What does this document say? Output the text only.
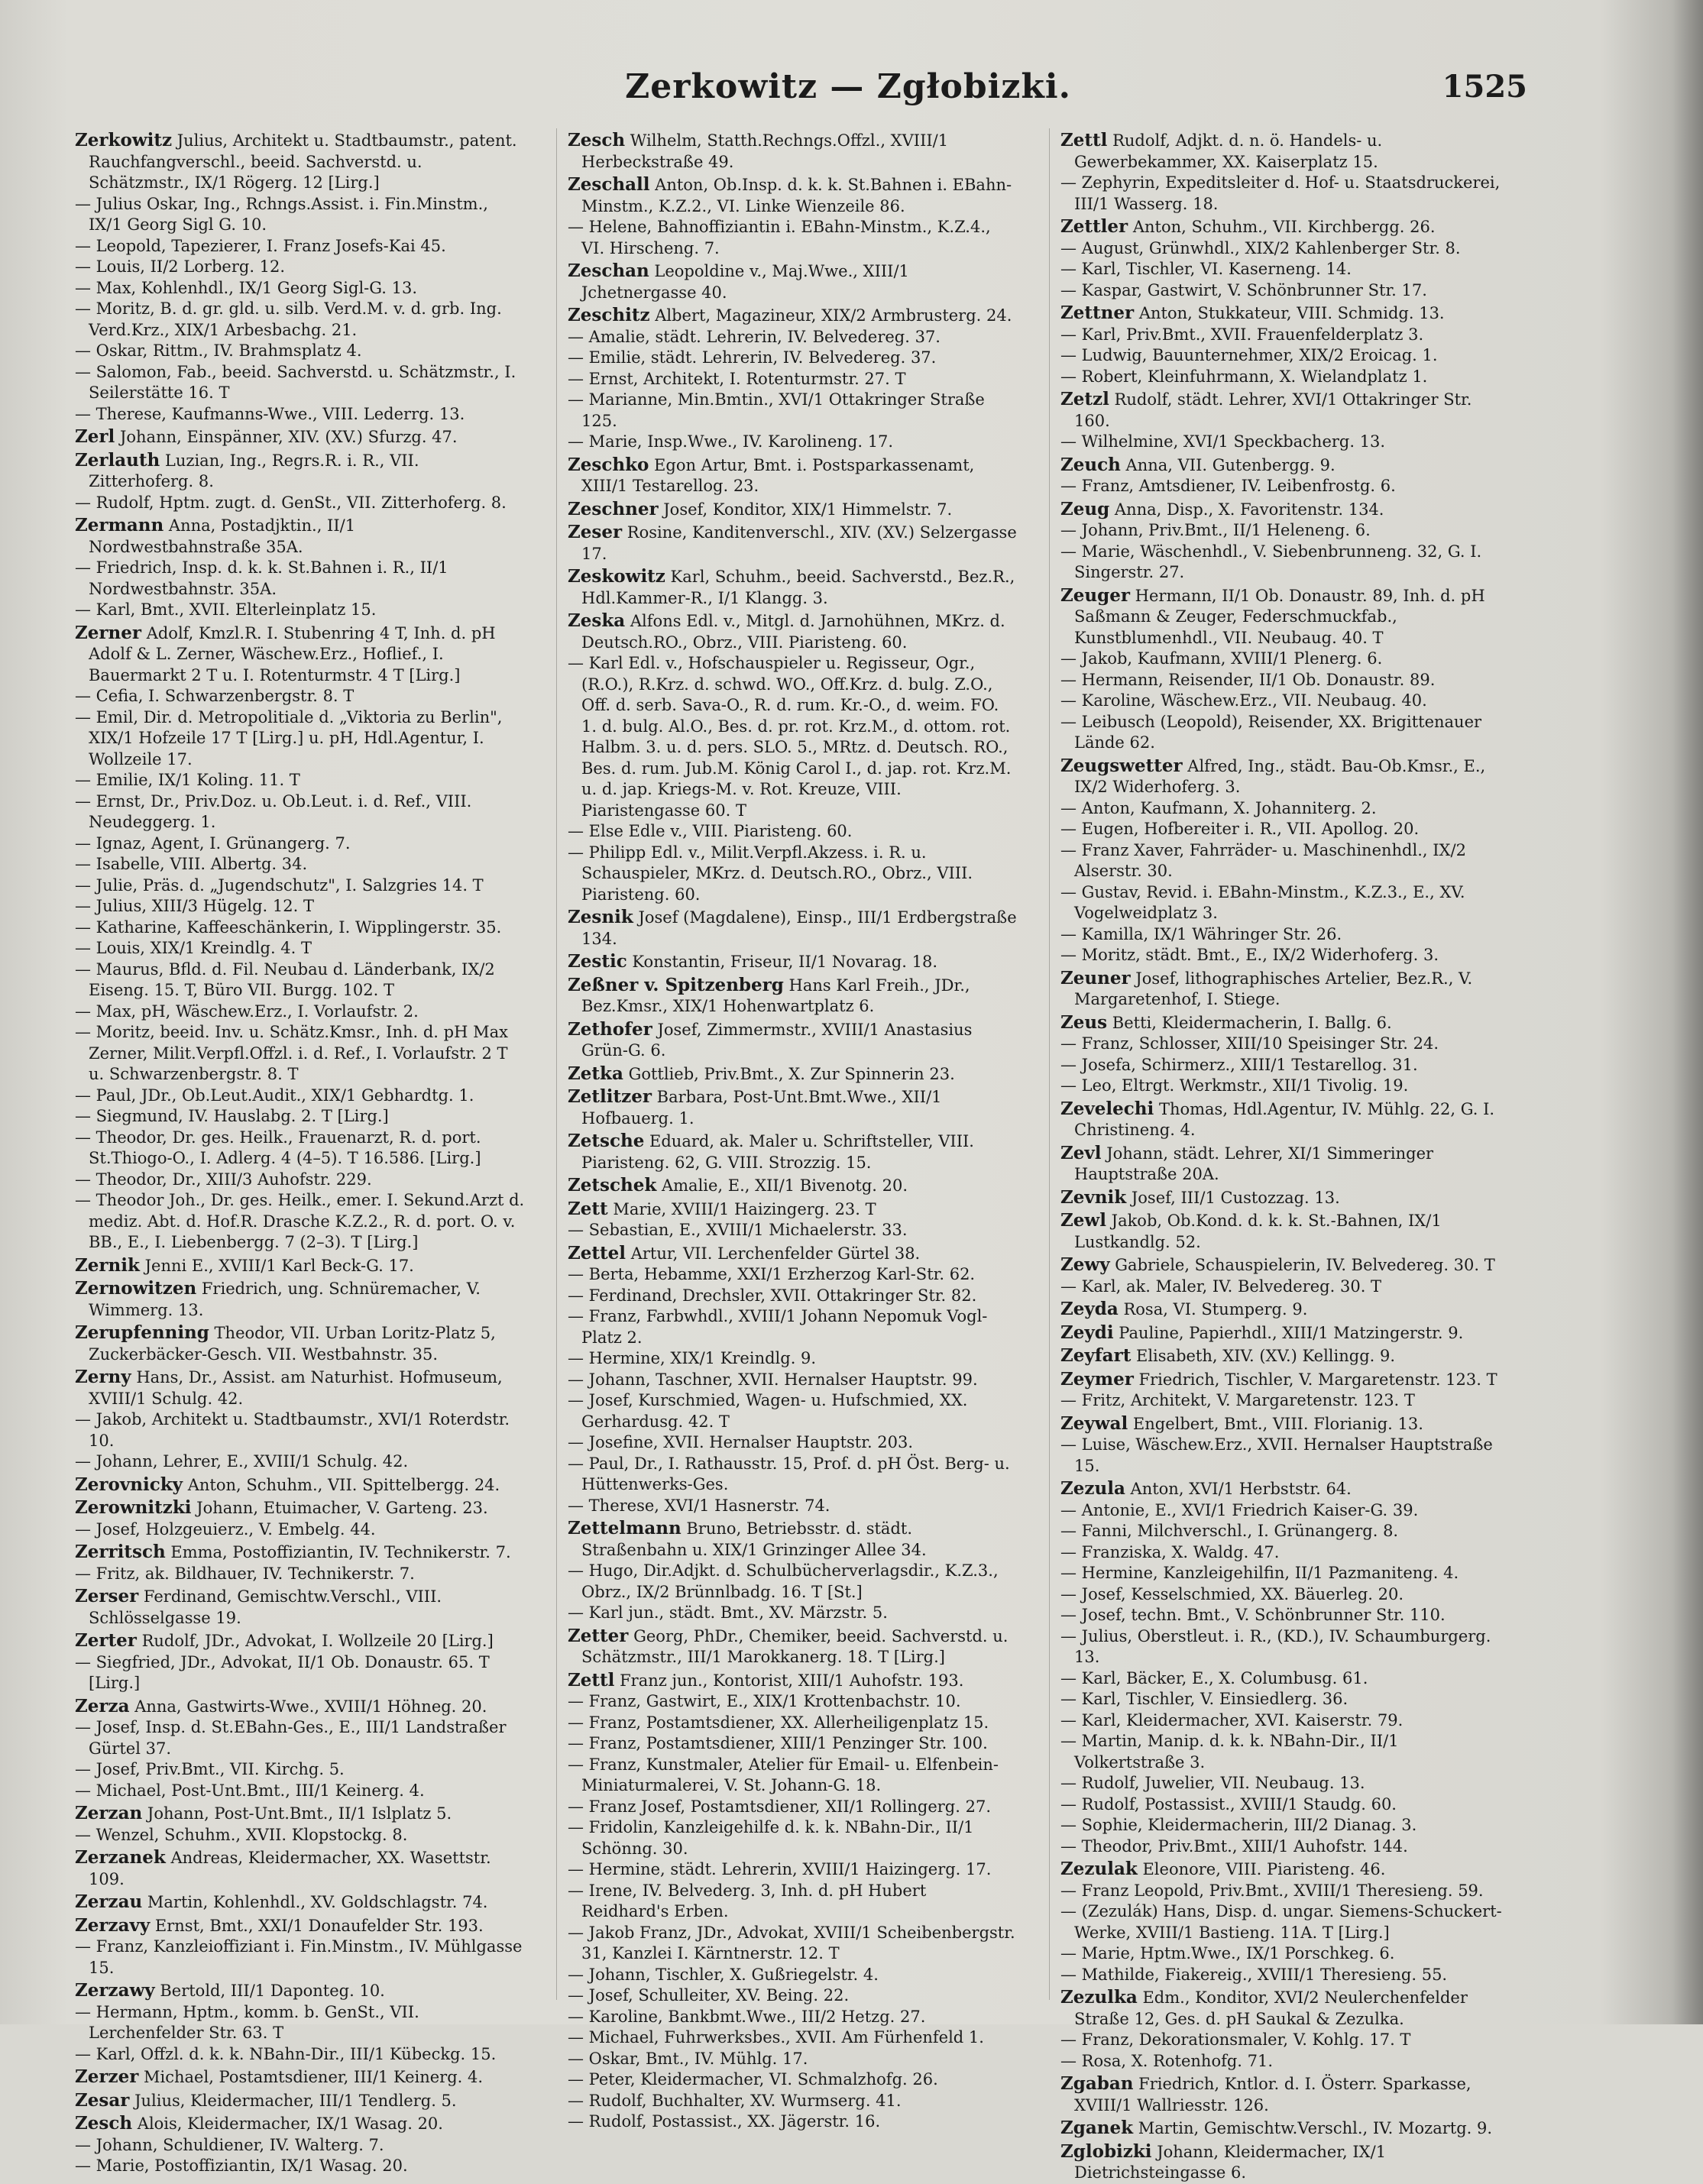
Zerkowitz — Zgłobizki.	1525

Zerkowitz Julius, Architekt u. Stadtbaumstr., patent. Rauchfangverschl., beeid. Sachverstd. u. Schätzmstr., IX/1 Rögerg. 12 [Lirg.]

— Julius Oskar, Ing., Rchngs.Assist. i. Fin.Minstm., IX/1 Georg Sigl G. 10.

— Leopold, Tapezierer, I. Franz Josefs-Kai 45.

— Louis, II/2 Lorberg. 12.

— Max, Kohlenhdl., IX/1 Georg Sigl-G. 13.

— Moritz, B. d. gr. gld. u. silb. Verd.M. v. d. grb. Ing. Verd.Krz., XIX/1 Arbesbachg. 21.

— Oskar, Rittm., IV. Brahmsplatz 4.

— Salomon, Fab., beeid. Sachverstd. u. Schätzmstr., I. Seilerstätte 16. T

— Therese, Kaufmanns-Wwe., VIII. Lederrg. 13.

Zerl Johann, Einspänner, XIV. (XV.) Sfurzg. 47.

Zerlauth Luzian, Ing., Regrs.R. i. R., VII. Zitterhoferg. 8.

— Rudolf, Hptm. zugt. d. GenSt., VII. Zitterhoferg. 8.

Zermann Anna, Postadjktin., II/1 Nordwestbahnstraße 35A.

— Friedrich, Insp. d. k. k. St.Bahnen i. R., II/1 Nordwestbahnstr. 35A.

— Karl, Bmt., XVII. Elterleinplatz 15.

Zerner Adolf, Kmzl.R. I. Stubenring 4 T, Inh. d. pH Adolf & L. Zerner, Wäschew.Erz., Hoflief., I. Bauermarkt 2 T u. I. Rotenturmstr. 4 T [Lirg.]

— Cefia, I. Schwarzenbergstr. 8. T

— Emil, Dir. d. Metropolitiale d. „Viktoria zu Berlin", XIX/1 Hofzeile 17 T [Lirg.] u. pH, Hdl.Agentur, I. Wollzeile 17.

— Emilie, IX/1 Koling. 11. T

— Ernst, Dr., Priv.Doz. u. Ob.Leut. i. d. Ref., VIII. Neudeggerg. 1.

— Ignaz, Agent, I. Grünangerg. 7.

— Isabelle, VIII. Albertg. 34.

— Julie, Präs. d. „Jugendschutz", I. Salzgries 14. T

— Julius, XIII/3 Hügelg. 12. T

— Katharine, Kaffeeschänkerin, I. Wipplingerstr. 35.

— Louis, XIX/1 Kreindlg. 4. T

— Maurus, Bfld. d. Fil. Neubau d. Länderbank, IX/2 Eiseng. 15. T, Büro VII. Burgg. 102. T

— Max, pH, Wäschew.Erz., I. Vorlaufstr. 2.

— Moritz, beeid. Inv. u. Schätz.Kmsr., Inh. d. pH Max Zerner, Milit.Verpfl.Offzl. i. d. Ref., I. Vorlaufstr. 2 T u. Schwarzenbergstr. 8. T

— Paul, JDr., Ob.Leut.Audit., XIX/1 Gebhardtg. 1.

— Siegmund, IV. Hauslabg. 2. T [Lirg.]

— Theodor, Dr. ges. Heilk., Frauenarzt, R. d. port. St.Thiogo-O., I. Adlerg. 4 (4–5). T 16.586. [Lirg.]

— Theodor, Dr., XIII/3 Auhofstr. 229.

— Theodor Joh., Dr. ges. Heilk., emer. I. Sekund.Arzt d. mediz. Abt. d. Hof.R. Drasche K.Z.2., R. d. port. O. v. BB., E., I. Liebenbergg. 7 (2–3). T [Lirg.]

Zernik Jenni E., XVIII/1 Karl Beck-G. 17.

Zernowitzen Friedrich, ung. Schnüremacher, V. Wimmerg. 13.

Zerupfenning Theodor, VII. Urban Loritz-Platz 5, Zuckerbäcker-Gesch. VII. Westbahnstr. 35.

Zerny Hans, Dr., Assist. am Naturhist. Hofmuseum, XVIII/1 Schulg. 42.

— Jakob, Architekt u. Stadtbaumstr., XVI/1 Roterdstr. 10.

— Johann, Lehrer, E., XVIII/1 Schulg. 42.

Zerovnicky Anton, Schuhm., VII. Spittelbergg. 24.

Zerownitzki Johann, Etuimacher, V. Garteng. 23.

— Josef, Holzgeuierz., V. Embelg. 44.

Zerritsch Emma, Postoffiziantin, IV. Technikerstr. 7.

— Fritz, ak. Bildhauer, IV. Technikerstr. 7.

Zerser Ferdinand, Gemischtw.Verschl., VIII. Schlösselgasse 19.

Zerter Rudolf, JDr., Advokat, I. Wollzeile 20 [Lirg.]

— Siegfried, JDr., Advokat, II/1 Ob. Donaustr. 65. T [Lirg.]

Zerza Anna, Gastwirts-Wwe., XVIII/1 Höhneg. 20.

— Josef, Insp. d. St.EBahn-Ges., E., III/1 Landstraßer Gürtel 37.

— Josef, Priv.Bmt., VII. Kirchg. 5.

— Michael, Post-Unt.Bmt., III/1 Keinerg. 4.

Zerzan Johann, Post-Unt.Bmt., II/1 Islplatz 5.

— Wenzel, Schuhm., XVII. Klopstockg. 8.

Zerzanek Andreas, Kleidermacher, XX. Wasettstr. 109.

Zerzau Martin, Kohlenhdl., XV. Goldschlagstr. 74.

Zerzavy Ernst, Bmt., XXI/1 Donaufelder Str. 193.

— Franz, Kanzleioffiziant i. Fin.Minstm., IV. Mühlgasse 15.

Zerzawy Bertold, III/1 Daponteg. 10.

— Hermann, Hptm., komm. b. GenSt., VII. Lerchenfelder Str. 63. T

— Karl, Offzl. d. k. k. NBahn-Dir., III/1 Kübeckg. 15.

Zerzer Michael, Postamtsdiener, III/1 Keinerg. 4.

Zesar Julius, Kleidermacher, III/1 Tendlerg. 5.

Zesch Alois, Kleidermacher, IX/1 Wasag. 20.

— Johann, Schuldiener, IV. Walterg. 7.

— Marie, Postoffiziantin, IX/1 Wasag. 20.

Zesch Wilhelm, Statth.Rechngs.Offzl., XVIII/1 Herbeckstraße 49.

Zeschall Anton, Ob.Insp. d. k. k. St.Bahnen i. EBahn-Minstm., K.Z.2., VI. Linke Wienzeile 86.

— Helene, Bahnoffiziantin i. EBahn-Minstm., K.Z.4., VI. Hirscheng. 7.

Zeschan Leopoldine v., Maj.Wwe., XIII/1 Jchetnergasse 40.

Zeschitz Albert, Magazineur, XIX/2 Armbrusterg. 24.

— Amalie, städt. Lehrerin, IV. Belvedereg. 37.

— Emilie, städt. Lehrerin, IV. Belvedereg. 37.

— Ernst, Architekt, I. Rotenturmstr. 27. T

— Marianne, Min.Bmtin., XVI/1 Ottakringer Straße 125.

— Marie, Insp.Wwe., IV. Karolineng. 17.

Zeschko Egon Artur, Bmt. i. Postsparkassenamt, XIII/1 Testarellog. 23.

Zeschner Josef, Konditor, XIX/1 Himmelstr. 7.

Zeser Rosine, Kanditenverschl., XIV. (XV.) Selzergasse 17.

Zeskowitz Karl, Schuhm., beeid. Sachverstd., Bez.R., Hdl.Kammer-R., I/1 Klangg. 3.

Zeska Alfons Edl. v., Mitgl. d. Jarnohühnen, MKrz. d. Deutsch.RO., Obrz., VIII. Piaristeng. 60.

— Karl Edl. v., Hofschauspieler u. Regisseur, Ogr., (R.O.), R.Krz. d. schwd. WO., Off.Krz. d. bulg. Z.O., Off. d. serb. Sava-O., R. d. rum. Kr.-O., d. weim. FO. 1. d. bulg. Al.O., Bes. d. pr. rot. Krz.M., d. ottom. rot. Halbm. 3. u. d. pers. SLO. 5., MRtz. d. Deutsch. RO., Bes. d. rum. Jub.M. König Carol I., d. jap. rot. Krz.M. u. d. jap. Kriegs-M. v. Rot. Kreuze, VIII. Piaristengasse 60. T

— Else Edle v., VIII. Piaristeng. 60.

— Philipp Edl. v., Milit.Verpfl.Akzess. i. R. u. Schauspieler, MKrz. d. Deutsch.RO., Obrz., VIII. Piaristeng. 60.

Zesnik Josef (Magdalene), Einsp., III/1 Erdbergstraße 134.

Zestic Konstantin, Friseur, II/1 Novarag. 18.

Zeßner v. Spitzenberg Hans Karl Freih., JDr., Bez.Kmsr., XIX/1 Hohenwartplatz 6.

Zethofer Josef, Zimmermstr., XVIII/1 Anastasius Grün-G. 6.

Zetka Gottlieb, Priv.Bmt., X. Zur Spinnerin 23.

Zetlitzer Barbara, Post-Unt.Bmt.Wwe., XII/1 Hofbauerg. 1.

Zetsche Eduard, ak. Maler u. Schriftsteller, VIII. Piaristeng. 62, G. VIII. Strozzig. 15.

Zetschek Amalie, E., XII/1 Bivenotg. 20.

Zett Marie, XVIII/1 Haizingerg. 23. T

— Sebastian, E., XVIII/1 Michaelerstr. 33.

Zettel Artur, VII. Lerchenfelder Gürtel 38.

— Berta, Hebamme, XXI/1 Erzherzog Karl-Str. 62.

— Ferdinand, Drechsler, XVII. Ottakringer Str. 82.

— Franz, Farbwhdl., XVIII/1 Johann Nepomuk Vogl-Platz 2.

— Hermine, XIX/1 Kreindlg. 9.

— Johann, Taschner, XVII. Hernalser Hauptstr. 99.

— Josef, Kurschmied, Wagen- u. Hufschmied, XX. Gerhardusg. 42. T

— Josefine, XVII. Hernalser Hauptstr. 203.

— Paul, Dr., I. Rathausstr. 15, Prof. d. pH Öst. Berg- u. Hüttenwerks-Ges.

— Therese, XVI/1 Hasnerstr. 74.

Zettelmann Bruno, Betriebsstr. d. städt. Straßenbahn u. XIX/1 Grinzinger Allee 34.

— Hugo, Dir.Adjkt. d. Schulbücherverlagsdir., K.Z.3., Obrz., IX/2 Brünnlbadg. 16. T [St.]

— Karl jun., städt. Bmt., XV. Märzstr. 5.

Zetter Georg, PhDr., Chemiker, beeid. Sachverstd. u. Schätzmstr., III/1 Marokkanerg. 18. T [Lirg.]

Zettl Franz jun., Kontorist, XIII/1 Auhofstr. 193.

— Franz, Gastwirt, E., XIX/1 Krottenbachstr. 10.

— Franz, Postamtsdiener, XX. Allerheiligenplatz 15.

— Franz, Postamtsdiener, XIII/1 Penzinger Str. 100.

— Franz, Kunstmaler, Atelier für Email- u. Elfenbein-Miniaturmalerei, V. St. Johann-G. 18.

— Franz Josef, Postamtsdiener, XII/1 Rollingerg. 27.

— Fridolin, Kanzleigehilfe d. k. k. NBahn-Dir., II/1 Schönng. 30.

— Hermine, städt. Lehrerin, XVIII/1 Haizingerg. 17.

— Irene, IV. Belvederg. 3, Inh. d. pH Hubert Reidhard's Erben.

— Jakob Franz, JDr., Advokat, XVIII/1 Scheibenbergstr. 31, Kanzlei I. Kärntnerstr. 12. T

— Johann, Tischler, X. Gußriegelstr. 4.

— Josef, Schulleiter, XV. Being. 22.

— Karoline, Bankbmt.Wwe., III/2 Hetzg. 27.

— Michael, Fuhrwerksbes., XVII. Am Fürhenfeld 1.

— Oskar, Bmt., IV. Mühlg. 17.

— Peter, Kleidermacher, VI. Schmalzhofg. 26.

— Rudolf, Buchhalter, XV. Wurmserg. 41.

— Rudolf, Postassist., XX. Jägerstr. 16.

Zettl Rudolf, Adjkt. d. n. ö. Handels- u. Gewerbekammer, XX. Kaiserplatz 15.

— Zephyrin, Expeditsleiter d. Hof- u. Staatsdruckerei, III/1 Wasserg. 18.

Zettler Anton, Schuhm., VII. Kirchbergg. 26.

— August, Grünwhdl., XIX/2 Kahlenberger Str. 8.

— Karl, Tischler, VI. Kaserneng. 14.

— Kaspar, Gastwirt, V. Schönbrunner Str. 17.

Zettner Anton, Stukkateur, VIII. Schmidg. 13.

— Karl, Priv.Bmt., XVII. Frauenfelderplatz 3.

— Ludwig, Bauunternehmer, XIX/2 Eroicag. 1.

— Robert, Kleinfuhrmann, X. Wielandplatz 1.

Zetzl Rudolf, städt. Lehrer, XVI/1 Ottakringer Str. 160.

— Wilhelmine, XVI/1 Speckbacherg. 13.

Zeuch Anna, VII. Gutenbergg. 9.

— Franz, Amtsdiener, IV. Leibenfrostg. 6.

Zeug Anna, Disp., X. Favoritenstr. 134.

— Johann, Priv.Bmt., II/1 Heleneng. 6.

— Marie, Wäschenhdl., V. Siebenbrunneng. 32, G. I. Singerstr. 27.

Zeuger Hermann, II/1 Ob. Donaustr. 89, Inh. d. pH Saßmann & Zeuger, Federschmuckfab., Kunstblumenhdl., VII. Neubaug. 40. T

— Jakob, Kaufmann, XVIII/1 Plenerg. 6.

— Hermann, Reisender, II/1 Ob. Donaustr. 89.

— Karoline, Wäschew.Erz., VII. Neubaug. 40.

— Leibusch (Leopold), Reisender, XX. Brigittenauer Lände 62.

Zeugswetter Alfred, Ing., städt. Bau-Ob.Kmsr., E., IX/2 Widerhoferg. 3.

— Anton, Kaufmann, X. Johanniterg. 2.

— Eugen, Hofbereiter i. R., VII. Apollog. 20.

— Franz Xaver, Fahrräder- u. Maschinenhdl., IX/2 Alserstr. 30.

— Gustav, Revid. i. EBahn-Minstm., K.Z.3., E., XV. Vogelweidplatz 3.

— Kamilla, IX/1 Währinger Str. 26.

— Moritz, städt. Bmt., E., IX/2 Widerhoferg. 3.

Zeuner Josef, lithographisches Artelier, Bez.R., V. Margaretenhof, I. Stiege.

Zeus Betti, Kleidermacherin, I. Ballg. 6.

— Franz, Schlosser, XIII/10 Speisinger Str. 24.

— Josefa, Schirmerz., XIII/1 Testarellog. 31.

— Leo, Eltrgt. Werkmstr., XII/1 Tivolig. 19.

Zevelechi Thomas, Hdl.Agentur, IV. Mühlg. 22, G. I. Christineng. 4.

Zevl Johann, städt. Lehrer, XI/1 Simmeringer Hauptstraße 20A.

Zevnik Josef, III/1 Custozzag. 13.

Zewl Jakob, Ob.Kond. d. k. k. St.-Bahnen, IX/1 Lustkandlg. 52.

Zewy Gabriele, Schauspielerin, IV. Belvedereg. 30. T

— Karl, ak. Maler, IV. Belvedereg. 30. T

Zeyda Rosa, VI. Stumperg. 9.

Zeydi Pauline, Papierhdl., XIII/1 Matzingerstr. 9.

Zeyfart Elisabeth, XIV. (XV.) Kellingg. 9.

Zeymer Friedrich, Tischler, V. Margaretenstr. 123. T

— Fritz, Architekt, V. Margaretenstr. 123. T

Zeywal Engelbert, Bmt., VIII. Florianig. 13.

— Luise, Wäschew.Erz., XVII. Hernalser Hauptstraße 15.

Zezula Anton, XVI/1 Herbststr. 64.

— Antonie, E., XVI/1 Friedrich Kaiser-G. 39.

— Fanni, Milchverschl., I. Grünangerg. 8.

— Franziska, X. Waldg. 47.

— Hermine, Kanzleigehilfin, II/1 Pazmaniteng. 4.

— Josef, Kesselschmied, XX. Bäuerleg. 20.

— Josef, techn. Bmt., V. Schönbrunner Str. 110.

— Julius, Oberstleut. i. R., (KD.), IV. Schaumburgerg. 13.

— Karl, Bäcker, E., X. Columbusg. 61.

— Karl, Tischler, V. Einsiedlerg. 36.

— Karl, Kleidermacher, XVI. Kaiserstr. 79.

— Martin, Manip. d. k. k. NBahn-Dir., II/1 Volkertstraße 3.

— Rudolf, Juwelier, VII. Neubaug. 13.

— Rudolf, Postassist., XVIII/1 Staudg. 60.

— Sophie, Kleidermacherin, III/2 Dianag. 3.

— Theodor, Priv.Bmt., XIII/1 Auhofstr. 144.

Zezulak Eleonore, VIII. Piaristeng. 46.

— Franz Leopold, Priv.Bmt., XVIII/1 Theresieng. 59.

— (Zezulák) Hans, Disp. d. ungar. Siemens-Schuckert-Werke, XVIII/1 Bastieng. 11A. T [Lirg.]

— Marie, Hptm.Wwe., IX/1 Porschkeg. 6.

— Mathilde, Fiakereig., XVIII/1 Theresieng. 55.

Zezulka Edm., Konditor, XVI/2 Neulerchenfelder Straße 12, Ges. d. pH Saukal & Zezulka.

— Franz, Dekorationsmaler, V. Kohlg. 17. T

— Rosa, X. Rotenhofg. 71.

Zgaban Friedrich, Kntlor. d. I. Österr. Sparkasse, XVIII/1 Wallriesstr. 126.

Zganek Martin, Gemischtw.Verschl., IV. Mozartg. 9.

Zglobizki Johann, Kleidermacher, IX/1 Dietrichsteingasse 6.
